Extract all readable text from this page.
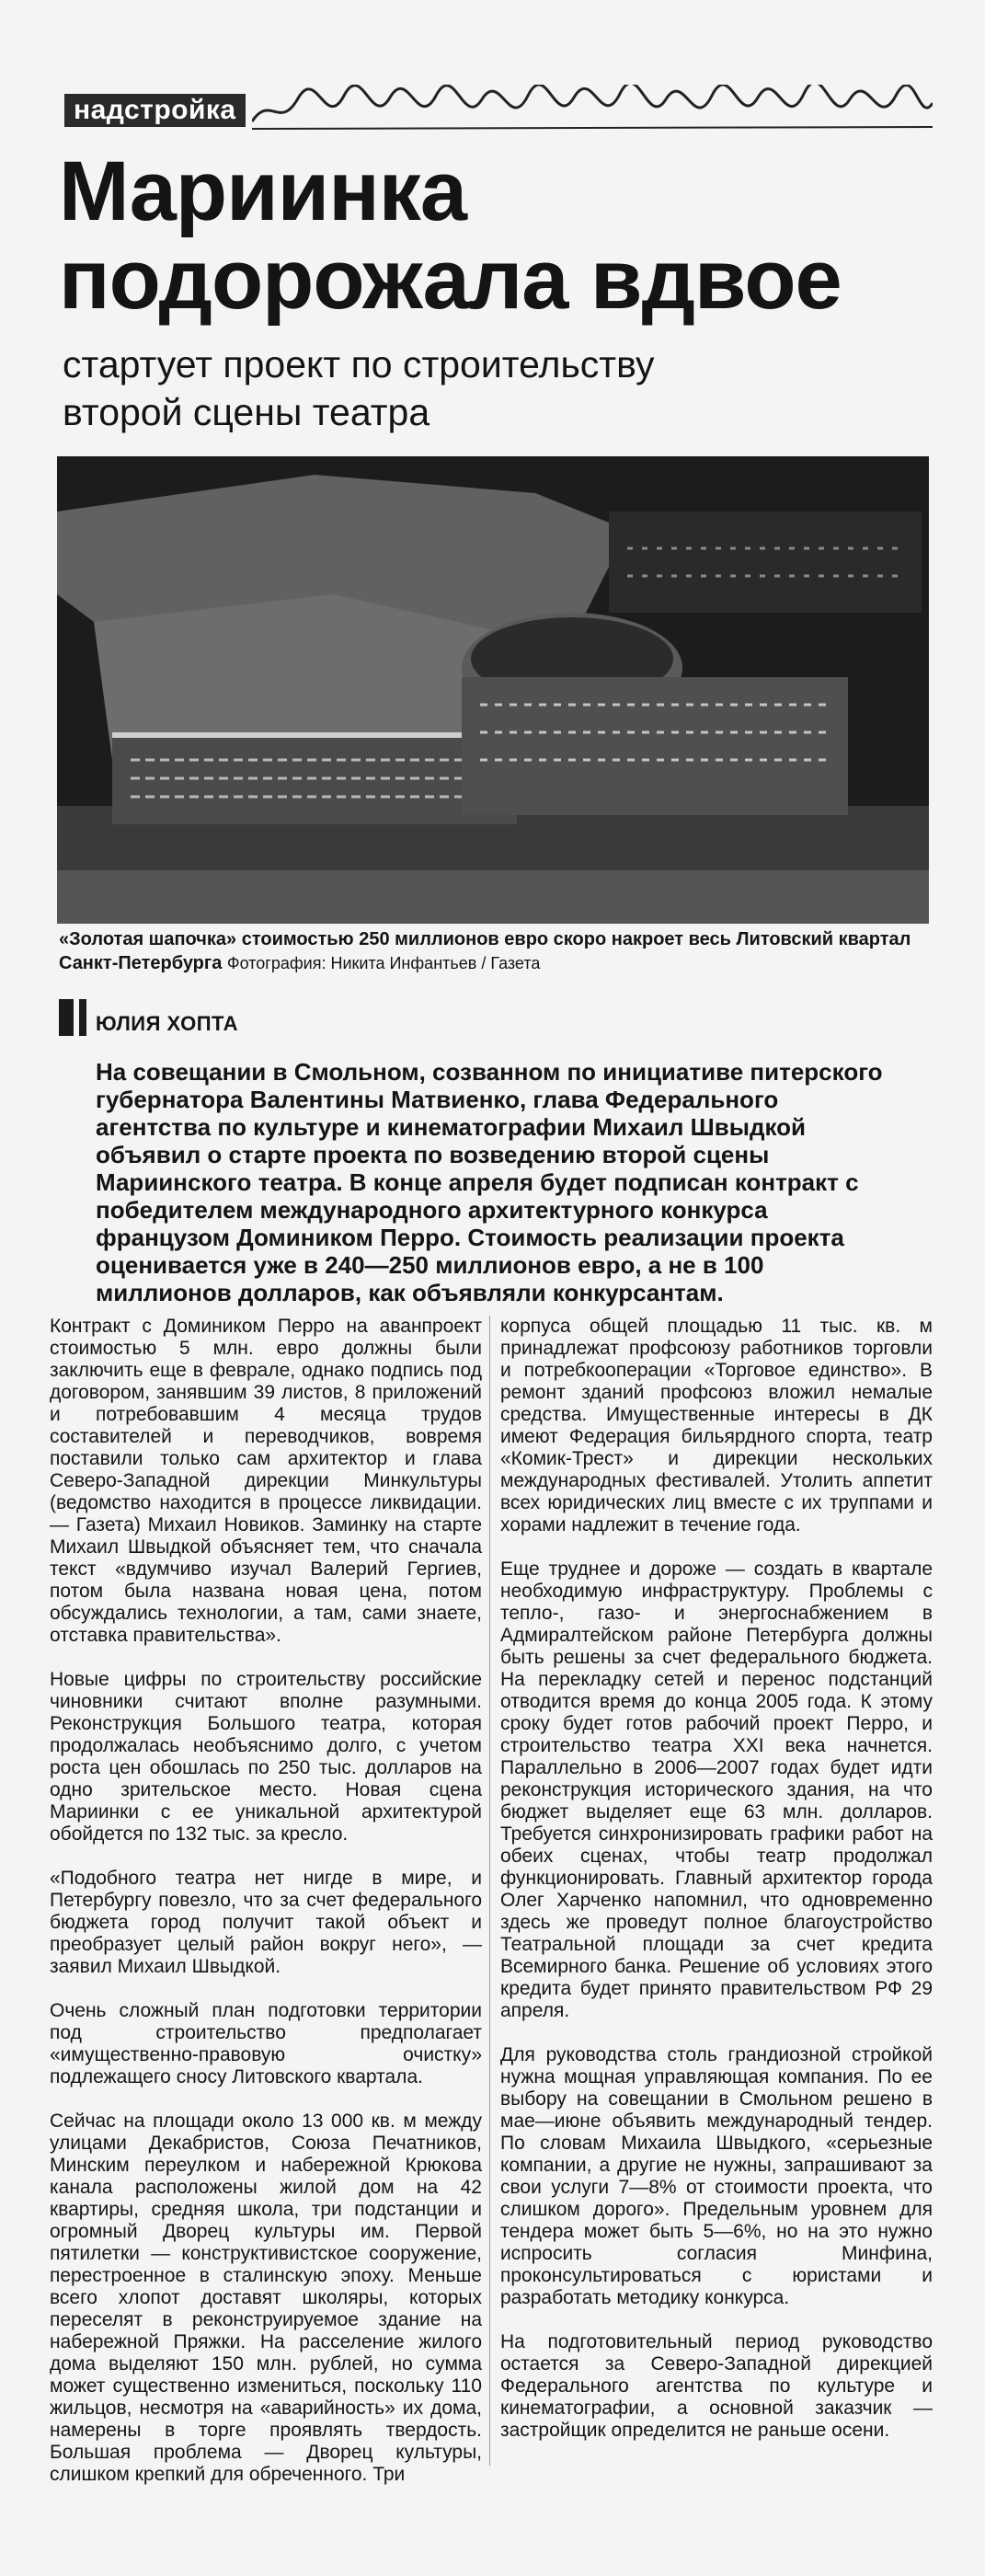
надстройка
Мариинка подорожала вдвое
стартует проект по строительству второй сцены театра
«Золотая шапочка» стоимостью 250 миллионов евро скоро накроет весь Литовский квартал Санкт-Петербурга Фотография: Никита Инфантьев / Газета
ЮЛИЯ ХОПТА

На совещании в Смольном, созванном по инициативе питерского губернатора Валентины Матвиенко, глава Федерального агентства по культуре и кинематографии Михаил Швыдкой объявил о старте проекта по возведению второй сцены Мариинского театра. В конце апреля будет подписан контракт с победителем международного архитектурного конкурса французом Домиником Перро. Стоимость реализации проекта оценивается уже в 240—250 миллионов евро, а не в 100 миллионов долларов, как объявляли конкурсантам.

Контракт с Домиником Перро на аванпроект стоимостью 5 млн. евро должны были заключить еще в феврале, однако подпись под договором, занявшим 39 листов, 8 приложений и потребовавшим 4 месяца трудов составителей и переводчиков, вовремя поставили только сам архитектор и глава Северо-Западной дирекции Минкультуры (ведомство находится в процессе ликвидации. — Газета) Михаил Новиков. Заминку на старте Михаил Швыдкой объясняет тем, что сначала текст «вдумчиво изучал Валерий Гергиев, потом была названа новая цена, потом обсуждались технологии, а там, сами знаете, отставка правительства».

Новые цифры по строительству российские чиновники считают вполне разумными. Реконструкция Большого театра, которая продолжалась необъяснимо долго, с учетом роста цен обошлась по 250 тыс. долларов на одно зрительское место. Новая сцена Мариинки с ее уникальной архитектурой обойдется по 132 тыс. за кресло.

«Подобного театра нет нигде в мире, и Петербургу повезло, что за счет федерального бюджета город получит такой объект и преобразует целый район вокруг него», — заявил Михаил Швыдкой.

Очень сложный план подготовки территории под строительство предполагает «имущественно-правовую очистку» подлежащего сносу Литовского квартала.

Сейчас на площади около 13 000 кв. м между улицами Декабристов, Союза Печатников, Минским переулком и набережной Крюкова канала расположены жилой дом на 42 квартиры, средняя школа, три подстанции и огромный Дворец культуры им. Первой пятилетки — конструктивистское сооружение, перестроенное в сталинскую эпоху. Меньше всего хлопот доставят школяры, которых переселят в реконструируемое здание на набережной Пряжки. На расселение жилого дома выделяют 150 млн. рублей, но сумма может существенно измениться, поскольку 110 жильцов, несмотря на «аварийность» их дома, намерены в торге проявлять твердость. Большая проблема — Дворец культуры, слишком крепкий для обреченного. Три

корпуса общей площадью 11 тыс. кв. м принадлежат профсоюзу работников торговли и потребкооперации «Торговое единство». В ремонт зданий профсоюз вложил немалые средства. Имущественные интересы в ДК имеют Федерация бильярдного спорта, театр «Комик-Трест» и дирекции нескольких международных фестивалей. Утолить аппетит всех юридических лиц вместе с их труппами и хорами надлежит в течение года.

Еще труднее и дороже — создать в квартале необходимую инфраструктуру. Проблемы с тепло-, газо- и энергоснабжением в Адмиралтейском районе Петербурга должны быть решены за счет федерального бюджета. На перекладку сетей и перенос подстанций отводится время до конца 2005 года. К этому сроку будет готов рабочий проект Перро, и строительство театра XXI века начнется. Параллельно в 2006—2007 годах будет идти реконструкция исторического здания, на что бюджет выделяет еще 63 млн. долларов. Требуется синхронизировать графики работ на обеих сценах, чтобы театр продолжал функционировать. Главный архитектор города Олег Харченко напомнил, что одновременно здесь же проведут полное благоустройство Театральной площади за счет кредита Всемирного банка. Решение об условиях этого кредита будет принято правительством РФ 29 апреля.

Для руководства столь грандиозной стройкой нужна мощная управляющая компания. По ее выбору на совещании в Смольном решено в мае—июне объявить международный тендер. По словам Михаила Швыдкого, «серьезные компании, а другие не нужны, запрашивают за свои услуги 7—8% от стоимости проекта, что слишком дорого». Предельным уровнем для тендера может быть 5—6%, но на это нужно испросить согласия Минфина, проконсультироваться с юристами и разработать методику конкурса.

На подготовительный период руководство остается за Северо-Западной дирекцией Федерального агентства по культуре и кинематографии, а основной заказчик — застройщик определится не раньше осени.
